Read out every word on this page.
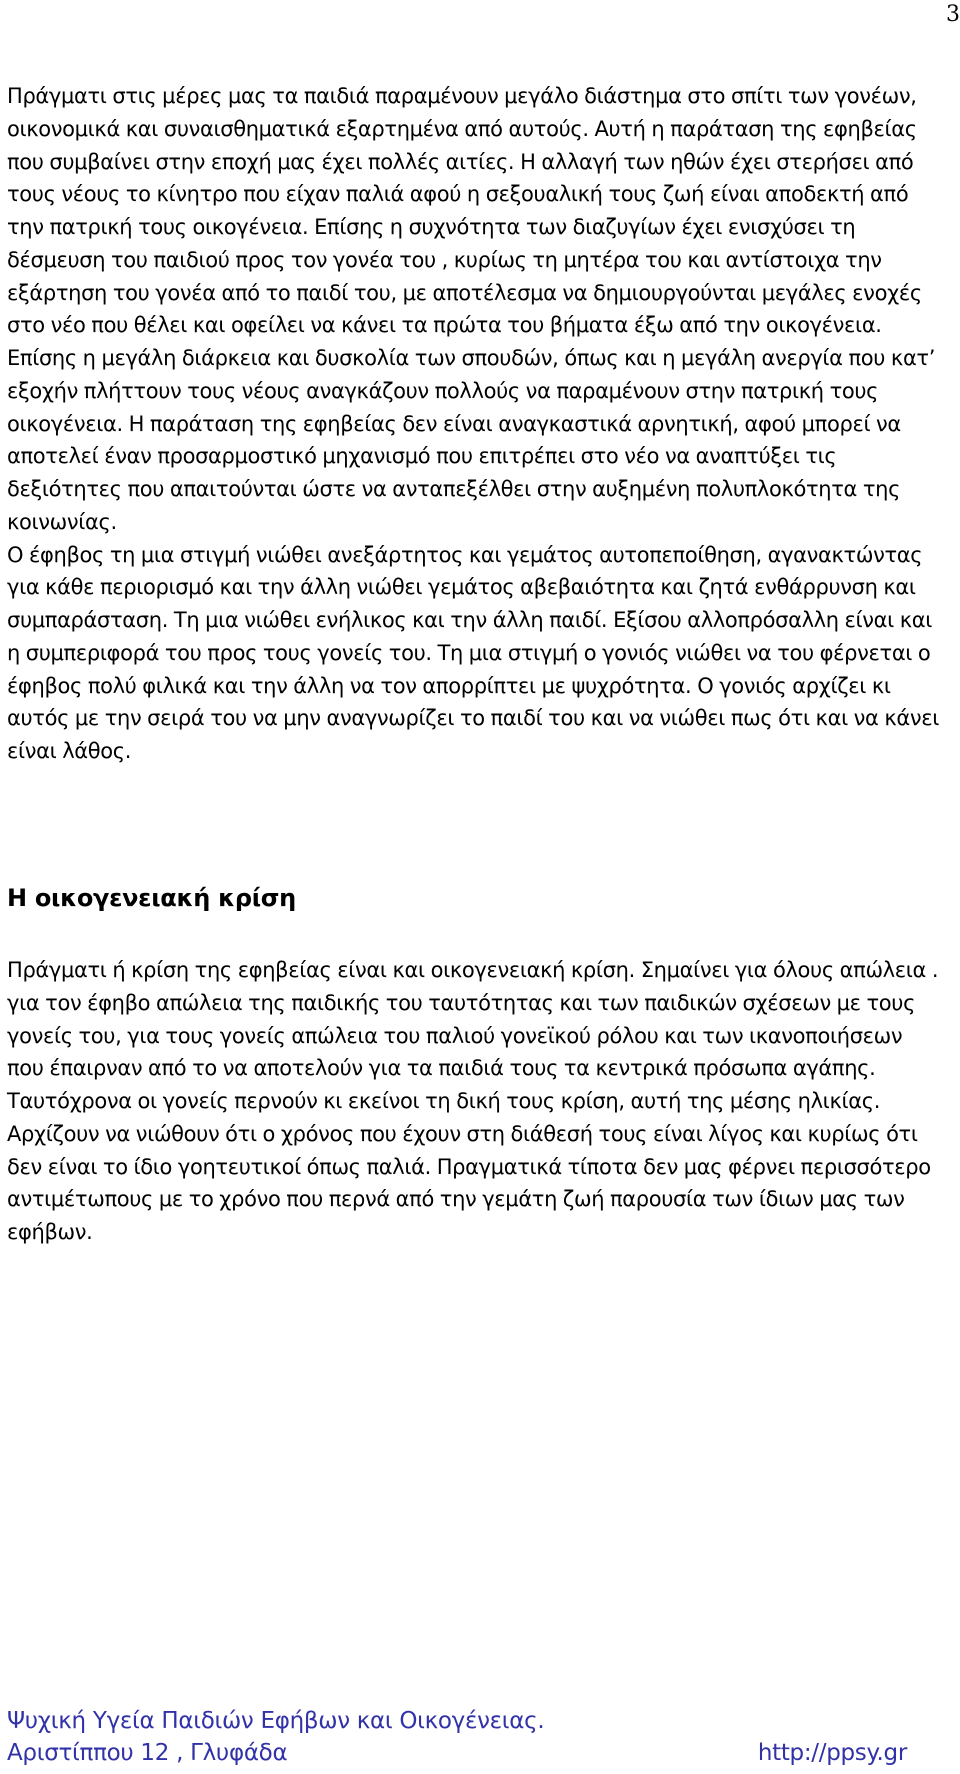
3

Πράγματι στις μέρες μας τα παιδιά παραμένουν μεγάλο διάστημα στο σπίτι των γονέων, οικονομικά και συναισθηματικά εξαρτημένα από αυτούς. Αυτή η παράταση της εφηβείας που συμβαίνει στην εποχή μας έχει πολλές αιτίες. Η αλλαγή των ηθών έχει στερήσει από τους νέους το κίνητρο που είχαν παλιά αφού η σεξουαλική τους ζωή είναι αποδεκτή από την πατρική τους οικογένεια. Επίσης η συχνότητα των διαζυγίων έχει ενισχύσει τη δέσμευση του παιδιού προς τον γονέα του , κυρίως τη μητέρα του και αντίστοιχα την εξάρτηση του γονέα από το παιδί του, με αποτέλεσμα να δημιουργούνται μεγάλες ενοχές στο νέο που θέλει και οφείλει να κάνει τα πρώτα του βήματα έξω από την οικογένεια. Επίσης η μεγάλη διάρκεια και δυσκολία των σπουδών, όπως και η μεγάλη ανεργία που κατ’ εξοχήν πλήττουν τους νέους αναγκάζουν πολλούς να παραμένουν στην πατρική τους οικογένεια. Η παράταση της εφηβείας δεν είναι αναγκαστικά αρνητική, αφού μπορεί να αποτελεί έναν προσαρμοστικό μηχανισμό που επιτρέπει στο νέο να αναπτύξει τις δεξιότητες που απαιτούνται ώστε να ανταπεξέλθει στην αυξημένη πολυπλοκότητα της κοινωνίας.

Ο έφηβος τη μια στιγμή νιώθει ανεξάρτητος και γεμάτος αυτοπεποίθηση, αγανακτώντας για κάθε περιορισμό και την άλλη νιώθει γεμάτος αβεβαιότητα και ζητά ενθάρρυνση και συμπαράσταση. Τη μια νιώθει ενήλικος και την άλλη παιδί. Εξίσου αλλοπρόσαλλη είναι και η συμπεριφορά του προς τους γονείς του. Τη μια στιγμή ο γονιός νιώθει να του φέρνεται ο έφηβος πολύ φιλικά και την άλλη να τον απορρίπτει με ψυχρότητα. Ο γονιός αρχίζει κι αυτός με την σειρά του να μην αναγνωρίζει το παιδί του και να νιώθει πως ότι και να κάνει είναι λάθος.

Η οικογενειακή κρίση

Πράγματι ή κρίση της εφηβείας είναι και οικογενειακή κρίση. Σημαίνει για όλους απώλεια . για τον έφηβο απώλεια της παιδικής του ταυτότητας και των παιδικών σχέσεων με τους γονείς του, για τους γονείς απώλεια του παλιού γονεϊκού ρόλου και των ικανοποιήσεων που έπαιρναν από το να αποτελούν για τα παιδιά τους τα κεντρικά πρόσωπα αγάπης.

Ταυτόχρονα οι γονείς περνούν κι εκείνοι τη δική τους κρίση, αυτή της μέσης ηλικίας. Αρχίζουν να νιώθουν ότι ο χρόνος που έχουν στη διάθεσή τους είναι λίγος και κυρίως ότι δεν είναι το ίδιο γοητευτικοί όπως παλιά. Πραγματικά τίποτα δεν μας φέρνει περισσότερο αντιμέτωπους με το χρόνο που περνά από την γεμάτη ζωή παρουσία των ίδιων μας των εφήβων.

Ψυχική Υγεία Παιδιών Εφήβων και Οικογένειας.
Αριστίππου 12 , Γλυφάδα	http://ppsy.gr
